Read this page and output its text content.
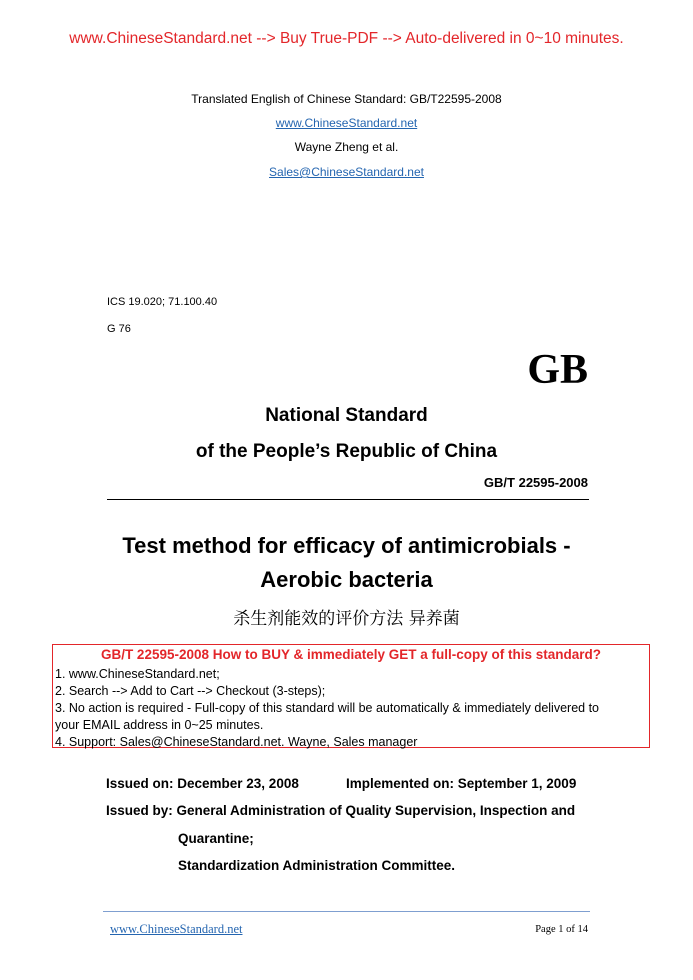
www.ChineseStandard.net --> Buy True-PDF --> Auto-delivered in 0~10 minutes.
Translated English of Chinese Standard: GB/T22595-2008
www.ChineseStandard.net
Wayne Zheng et al.
Sales@ChineseStandard.net
ICS 19.020; 71.100.40
G 76
GB
National Standard
of the People’s Republic of China
GB/T 22595-2008
Test method for efficacy of antimicrobials -
Aerobic bacteria
杀生剂能效的评价方法 异养菌
GB/T 22595-2008 How to BUY & immediately GET a full-copy of this standard?
1. www.ChineseStandard.net;
2. Search --> Add to Cart --> Checkout (3-steps);
3. No action is required - Full-copy of this standard will be automatically & immediately delivered to
your EMAIL address in 0~25 minutes.
4. Support: Sales@ChineseStandard.net. Wayne, Sales manager
Issued on: December 23, 2008	Implemented on: September 1, 2009
Issued by: General Administration of Quality Supervision, Inspection and
Quarantine;
Standardization Administration Committee.
www.ChineseStandard.net	Page 1 of 14
